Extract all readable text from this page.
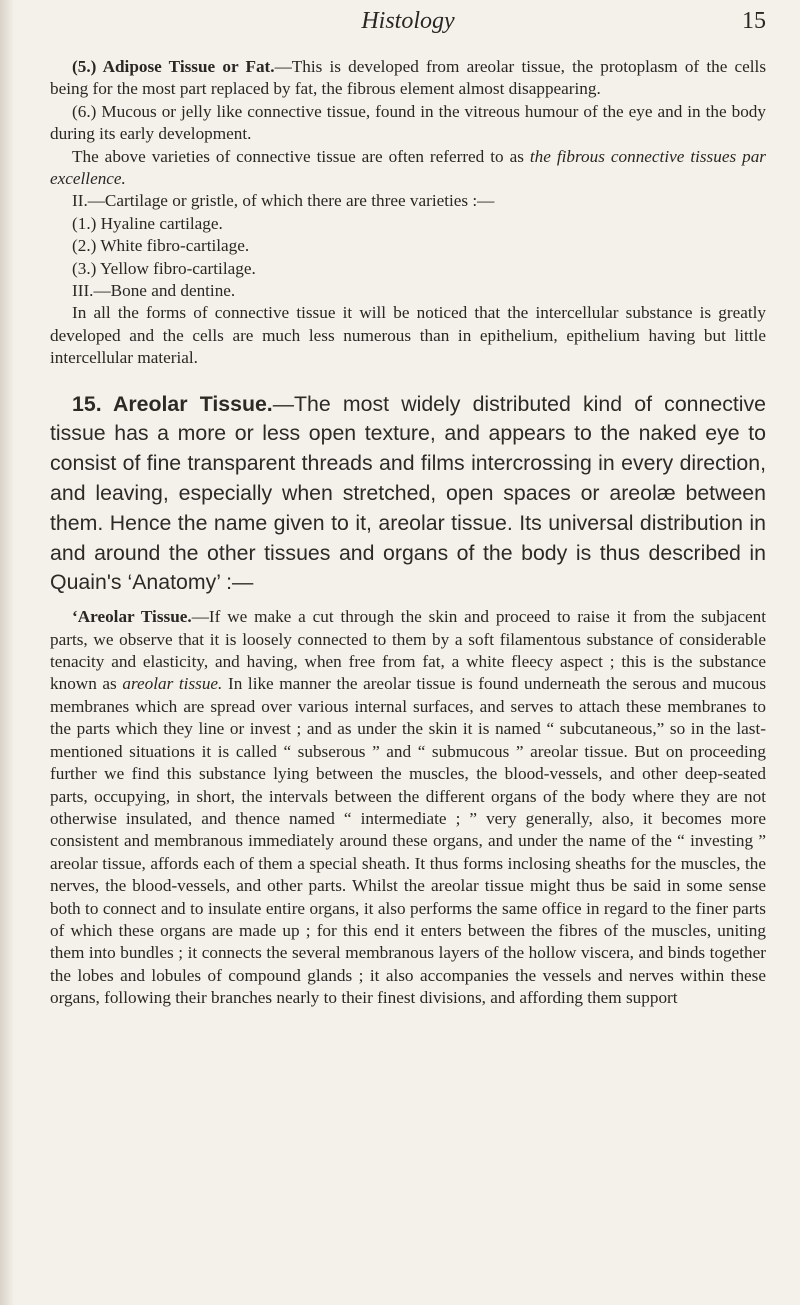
Histology	15

(5.) Adipose Tissue or Fat.—This is developed from areolar tissue, the protoplasm of the cells being for the most part replaced by fat, the fibrous element almost disappearing.

(6.) Mucous or jelly like connective tissue, found in the vitreous humour of the eye and in the body during its early development.

The above varieties of connective tissue are often referred to as the fibrous connective tissues par excellence.

II.—Cartilage or gristle, of which there are three varieties :—

(1.) Hyaline cartilage.

(2.) White fibro-cartilage.

(3.) Yellow fibro-cartilage.

III.—Bone and dentine.

In all the forms of connective tissue it will be noticed that the intercellular substance is greatly developed and the cells are much less numerous than in epithelium, epithelium having but little intercellular material.

15. Areolar Tissue.—The most widely distributed kind of connective tissue has a more or less open texture, and appears to the naked eye to consist of fine transparent threads and films intercrossing in every direction, and leaving, especially when stretched, open spaces or areolæ between them. Hence the name given to it, areolar tissue. Its universal distribution in and around the other tissues and organs of the body is thus described in Quain's ‘Anatomy’ :—

‘Areolar Tissue.—If we make a cut through the skin and proceed to raise it from the subjacent parts, we observe that it is loosely connected to them by a soft filamentous substance of considerable tenacity and elasticity, and having, when free from fat, a white fleecy aspect ; this is the substance known as areolar tissue. In like manner the areolar tissue is found underneath the serous and mucous membranes which are spread over various internal surfaces, and serves to attach these membranes to the parts which they line or invest ; and as under the skin it is named “ subcutaneous,” so in the last-mentioned situations it is called “ subserous ” and “ submucous ” areolar tissue. But on proceeding further we find this substance lying between the muscles, the blood-vessels, and other deep-seated parts, occupying, in short, the intervals between the different organs of the body where they are not otherwise insulated, and thence named “ intermediate ; ” very generally, also, it becomes more consistent and membranous immediately around these organs, and under the name of the “ investing ” areolar tissue, affords each of them a special sheath. It thus forms inclosing sheaths for the muscles, the nerves, the blood-vessels, and other parts. Whilst the areolar tissue might thus be said in some sense both to connect and to insulate entire organs, it also performs the same office in regard to the finer parts of which these organs are made up ; for this end it enters between the fibres of the muscles, uniting them into bundles ; it connects the several membranous layers of the hollow viscera, and binds together the lobes and lobules of compound glands ; it also accompanies the vessels and nerves within these organs, following their branches nearly to their finest divisions, and affording them support
